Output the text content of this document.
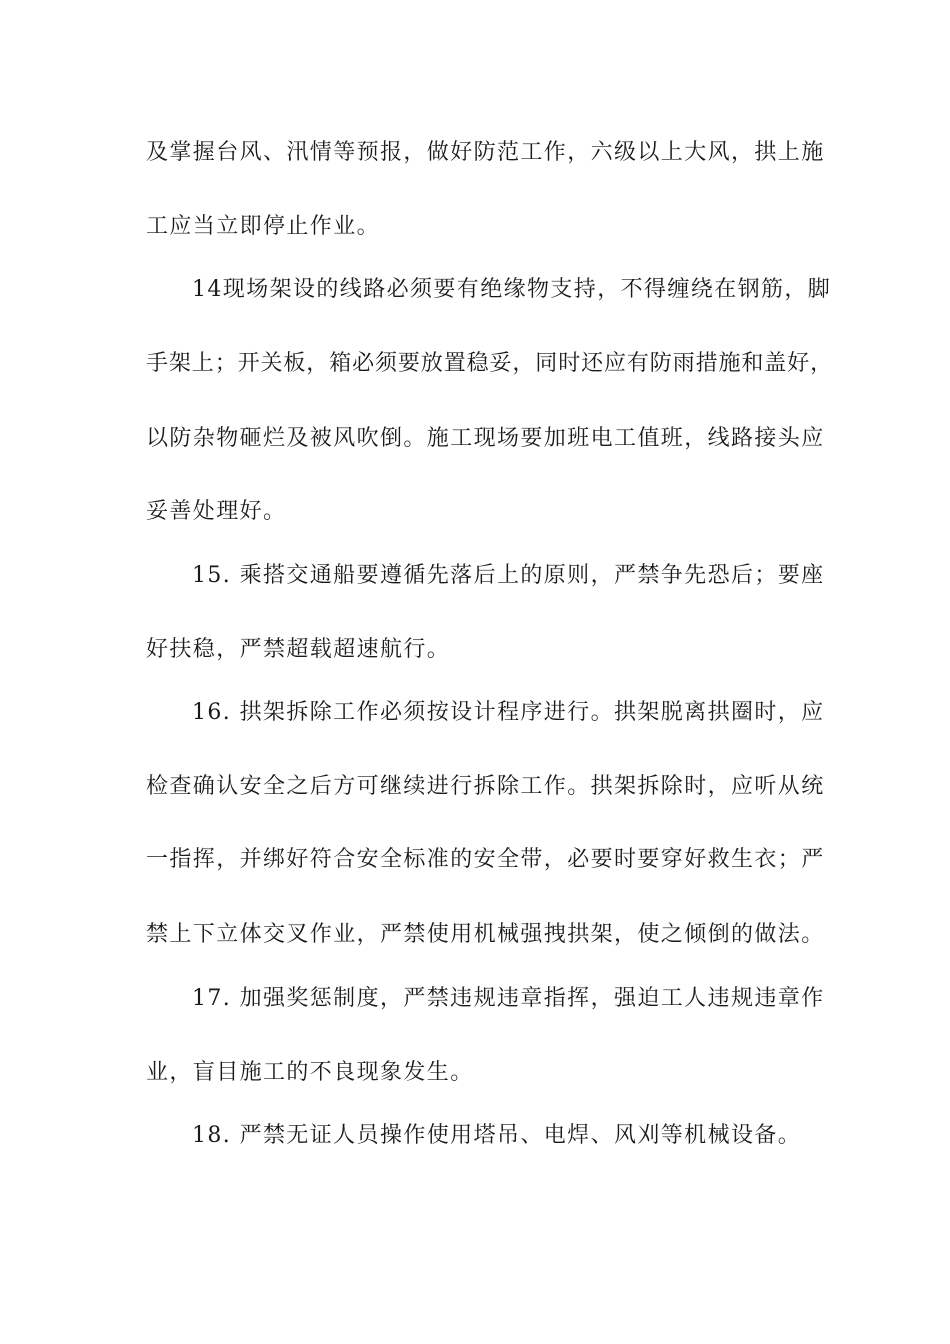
及掌握台风、汛情等预报，做好防范工作，六级以上大风，拱上施
工应当立即停止作业。
14现场架设的线路必须要有绝缘物支持，不得缠绕在钢筋，脚
手架上；开关板，箱必须要放置稳妥，同时还应有防雨措施和盖好，
以防杂物砸烂及被风吹倒。施工现场要加班电工值班，线路接头应
妥善处理好。
15. 乘搭交通船要遵循先落后上的原则，严禁争先恐后；要座
好扶稳，严禁超载超速航行。
16. 拱架拆除工作必须按设计程序进行。拱架脱离拱圈时，应
检查确认安全之后方可继续进行拆除工作。拱架拆除时，应听从统
一指挥，并绑好符合安全标准的安全带，必要时要穿好救生衣；严
禁上下立体交叉作业，严禁使用机械强拽拱架，使之倾倒的做法。
17. 加强奖惩制度，严禁违规违章指挥，强迫工人违规违章作
业，盲目施工的不良现象发生。
18. 严禁无证人员操作使用塔吊、电焊、风刈等机械设备。
